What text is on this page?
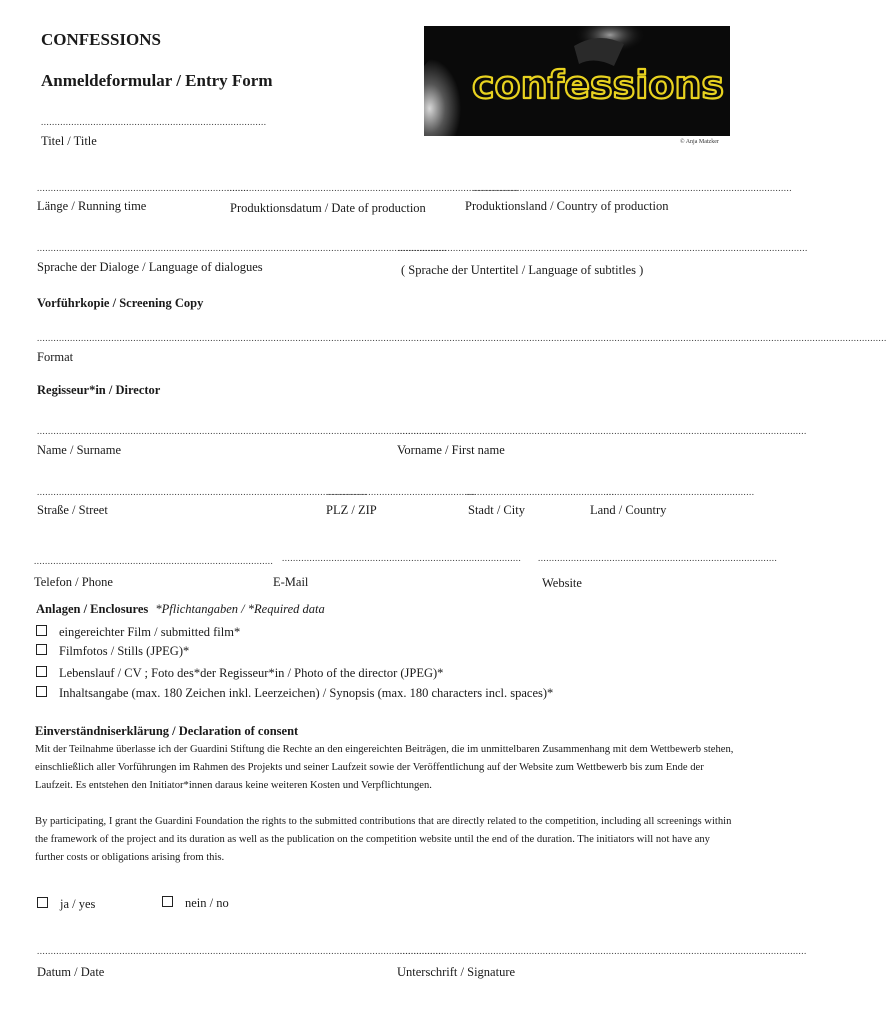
CONFESSIONS
Anmeldeformular / Entry Form
..................................................................................
Titel / Title
confessions
© Anja Matzker
.............................................................................
..........................................................................................................
....................................................................................................................
Länge / Running time	Produktionsdatum / Date of production	Produktionsland / Country of production
.....................................................................................................................................................
.....................................................................................................................................................
Sprache der Dialoge / Language of dialogues	( Sprache der Untertitel / Language of subtitles )
Vorführkopie / Screening Copy
.....................................................................................................................................................................................................................................................................................................................
Format
Regisseur*in / Director
.....................................................................................................................................................
.....................................................................................................................................................
Name / Surname	Vorname / First name
........................................................................................................................
......................................................
......................................................
......................................................
Straße / Street	PLZ / ZIP	Stadt / City	Land / Country
....................................................................................... ....................................................................................... .......................................................................................
Telefon / Phone	E-Mail	Website
Anlagen / Enclosures *Pflichtangaben / *Required data
eingereichter Film / submitted film*
Filmfotos / Stills (JPEG)*
Lebenslauf / CV ; Foto des*der Regisseur*in / Photo of the director (JPEG)*
Inhaltsangabe (max. 180 Zeichen inkl. Leerzeichen) / Synopsis (max. 180 characters incl. spaces)*
Einverständniserklärung / Declaration of consent
Mit der Teilnahme überlasse ich der Guardini Stiftung die Rechte an den eingereichten Beiträgen, die im unmittelbaren Zusammenhang mit dem Wettbewerb stehen, einschließlich aller Vorführungen im Rahmen des Projekts und seiner Laufzeit sowie der Veröffentlichung auf der Website zum Wettbewerb bis zum Ende der Laufzeit. Es entstehen den Initiator*innen daraus keine weiteren Kosten und Verpflichtungen.
By participating, I grant the Guardini Foundation the rights to the submitted contributions that are directly related to the competition, including all screenings within the framework of the project and its duration as well as the publication on the competition website until the end of the duration. The initiators will not have any further costs or obligations arising from this.
ja / yes	nein / no
.....................................................................................................................................................
.....................................................................................................................................................
Datum / Date	Unterschrift / Signature
